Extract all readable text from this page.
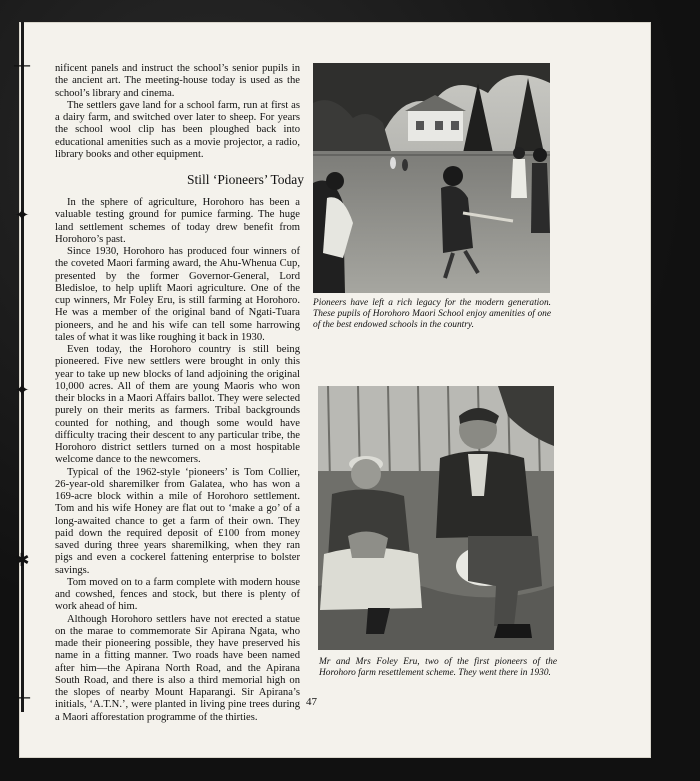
—
✦
✦
✱
—

nificent panels and instruct the school’s senior pupils in the ancient art. The meeting-house today is used as the school’s library and cinema.

The settlers gave land for a school farm, run at first as a dairy farm, and switched over later to sheep. For years the school wool clip has been ploughed back into educational amenities such as a movie projector, a radio, library books and other equipment.

Still ‘Pioneers’ Today

In the sphere of agriculture, Horohoro has been a valuable testing ground for pumice farming. The huge land settlement schemes of today drew benefit from Horohoro’s past.

Since 1930, Horohoro has produced four winners of the coveted Maori farming award, the Ahu-Whenua Cup, presented by the former Governor-General, Lord Bledisloe, to help uplift Maori agriculture. One of the cup winners, Mr Foley Eru, is still farming at Horohoro. He was a member of the original band of Ngati-Tuara pioneers, and he and his wife can tell some harrowing tales of what it was like roughing it back in 1930.

Even today, the Horohoro country is still being pioneered. Five new settlers were brought in only this year to take up new blocks of land adjoining the original 10,000 acres. All of them are young Maoris who won their blocks in a Maori Affairs ballot. They were selected purely on their merits as farmers. Tribal backgrounds counted for nothing, and though some would have difficulty tracing their descent to any particular tribe, the Horohoro district settlers turned on a most hospitable welcome dance to the newcomers.

Typical of the 1962-style ‘pioneers’ is Tom Collier, 26-year-old sharemilker from Galatea, who has won a 169-acre block within a mile of Horohoro settlement. Tom and his wife Honey are flat out to ‘make a go’ of a long-awaited chance to get a farm of their own. They paid down the required deposit of £100 from money saved during three years sharemilking, when they ran pigs and even a cockerel fattening enterprise to bolster savings.

Tom moved on to a farm complete with modern house and cowshed, fences and stock, but there is plenty of work ahead of him.

Although Horohoro settlers have not erected a statue on the marae to commemorate Sir Apirana Ngata, who made their pioneering possible, they have preserved his name in a fitting manner. Two roads have been named after him—the Apirana North Road, and the Apirana South Road, and there is also a third memorial high on the slopes of nearby Mount Haparangi. Sir Apirana’s initials, ‘A.T.N.’, were planted in living pine trees during a Maori afforestation programme of the thirties.

Pioneers have left a rich legacy for the modern generation. These pupils of Horohoro Maori School enjoy amenities of one of the best endowed schools in the country.
Mr and Mrs Foley Eru, two of the first pioneers of the Horohoro farm resettlement scheme. They went there in 1930.
47
